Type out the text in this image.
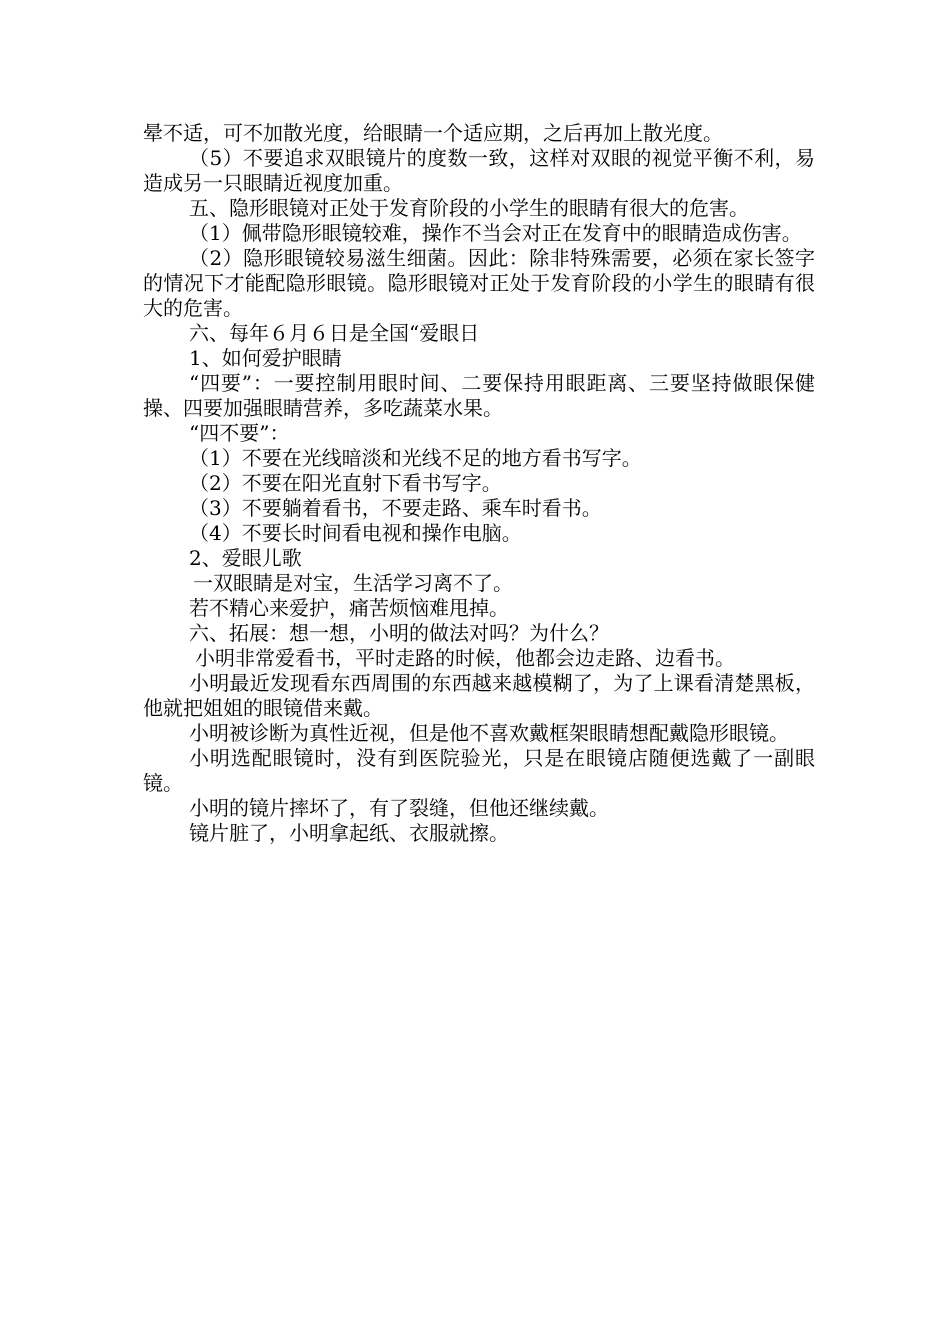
晕不适，可不加散光度，给眼睛一个适应期，之后再加上散光度。

（5）不要追求双眼镜片的度数一致，这样对双眼的视觉平衡不利，易造成另一只眼睛近视度加重。

五、隐形眼镜对正处于发育阶段的小学生的眼睛有很大的危害。

（1）佩带隐形眼镜较难，操作不当会对正在发育中的眼睛造成伤害。

（2）隐形眼镜较易滋生细菌。因此：除非特殊需要，必须在家长签字的情况下才能配隐形眼镜。隐形眼镜对正处于发育阶段的小学生的眼睛有很大的危害。

六、每年６月６日是全国“爱眼日

1、如何爱护眼睛

“四要”：一要控制用眼时间、二要保持用眼距离、三要坚持做眼保健操、四要加强眼睛营养，多吃蔬菜水果。

“四不要”：

（1）不要在光线暗淡和光线不足的地方看书写字。

（2）不要在阳光直射下看书写字。

（3）不要躺着看书，不要走路、乘车时看书。

（4）不要长时间看电视和操作电脑。

2、爱眼儿歌

一双眼睛是对宝，生活学习离不了。

若不精心来爱护，痛苦烦恼难甩掉。

六、拓展：想一想，小明的做法对吗？为什么？

小明非常爱看书，平时走路的时候，他都会边走路、边看书。

小明最近发现看东西周围的东西越来越模糊了，为了上课看清楚黑板，他就把姐姐的眼镜借来戴。

小明被诊断为真性近视，但是他不喜欢戴框架眼睛想配戴隐形眼镜。

小明选配眼镜时，没有到医院验光，只是在眼镜店随便选戴了一副眼镜。

小明的镜片摔坏了，有了裂缝，但他还继续戴。

镜片脏了，小明拿起纸、衣服就擦。
